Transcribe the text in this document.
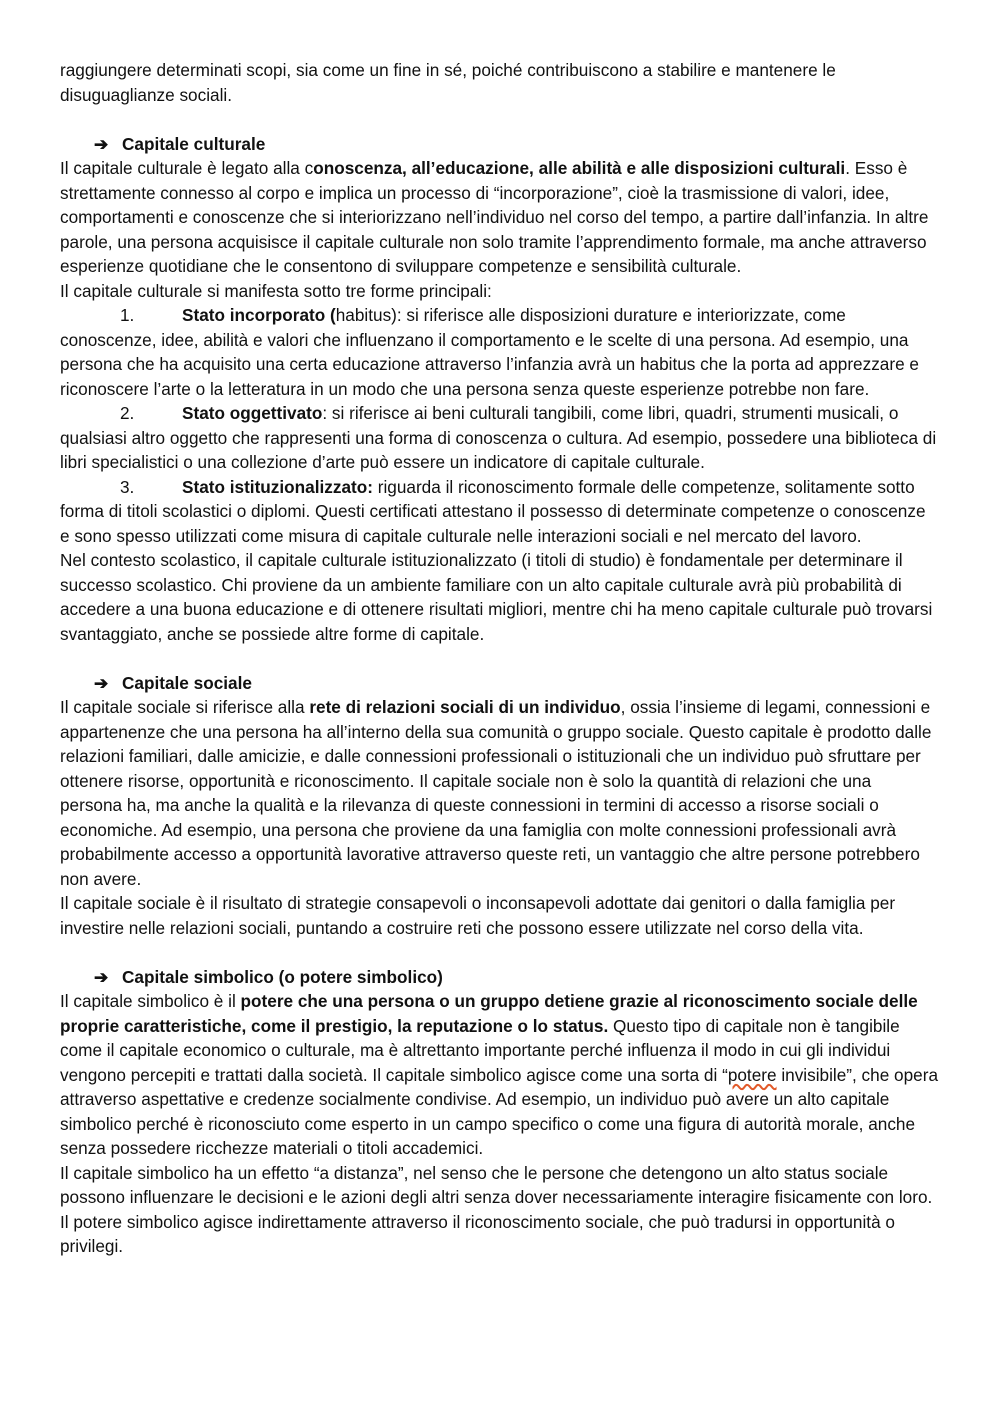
raggiungere determinati scopi, sia come un fine in sé, poiché contribuiscono a stabilire e mantenere le disuguaglianze sociali.

➔ Capitale culturale

Il capitale culturale è legato alla conoscenza, all’educazione, alle abilità e alle disposizioni culturali. Esso è strettamente connesso al corpo e implica un processo di “incorporazione”, cioè la trasmissione di valori, idee, comportamenti e conoscenze che si interiorizzano nell’individuo nel corso del tempo, a partire dall’infanzia. In altre parole, una persona acquisisce il capitale culturale non solo tramite l’apprendimento formale, ma anche attraverso esperienze quotidiane che le consentono di sviluppare competenze e sensibilità culturale.

Il capitale culturale si manifesta sotto tre forme principali:

1.	Stato incorporato (habitus): si riferisce alle disposizioni durature e interiorizzate, come conoscenze, idee, abilità e valori che influenzano il comportamento e le scelte di una persona. Ad esempio, una persona che ha acquisito una certa educazione attraverso l’infanzia avrà un habitus che la porta ad apprezzare e riconoscere l’arte o la letteratura in un modo che una persona senza queste esperienze potrebbe non fare.

2.	Stato oggettivato: si riferisce ai beni culturali tangibili, come libri, quadri, strumenti musicali, o qualsiasi altro oggetto che rappresenti una forma di conoscenza o cultura. Ad esempio, possedere una biblioteca di libri specialistici o una collezione d’arte può essere un indicatore di capitale culturale.

3.	Stato istituzionalizzato: riguarda il riconoscimento formale delle competenze, solitamente sotto forma di titoli scolastici o diplomi. Questi certificati attestano il possesso di determinate competenze o conoscenze e sono spesso utilizzati come misura di capitale culturale nelle interazioni sociali e nel mercato del lavoro.

Nel contesto scolastico, il capitale culturale istituzionalizzato (i titoli di studio) è fondamentale per determinare il successo scolastico. Chi proviene da un ambiente familiare con un alto capitale culturale avrà più probabilità di accedere a una buona educazione e di ottenere risultati migliori, mentre chi ha meno capitale culturale può trovarsi svantaggiato, anche se possiede altre forme di capitale.

➔ Capitale sociale

Il capitale sociale si riferisce alla rete di relazioni sociali di un individuo, ossia l’insieme di legami, connessioni e appartenenze che una persona ha all’interno della sua comunità o gruppo sociale. Questo capitale è prodotto dalle relazioni familiari, dalle amicizie, e dalle connessioni professionali o istituzionali che un individuo può sfruttare per ottenere risorse, opportunità e riconoscimento. Il capitale sociale non è solo la quantità di relazioni che una persona ha, ma anche la qualità e la rilevanza di queste connessioni in termini di accesso a risorse sociali o economiche. Ad esempio, una persona che proviene da una famiglia con molte connessioni professionali avrà probabilmente accesso a opportunità lavorative attraverso queste reti, un vantaggio che altre persone potrebbero non avere.

Il capitale sociale è il risultato di strategie consapevoli o inconsapevoli adottate dai genitori o dalla famiglia per investire nelle relazioni sociali, puntando a costruire reti che possono essere utilizzate nel corso della vita.

➔ Capitale simbolico (o potere simbolico)

Il capitale simbolico è il potere che una persona o un gruppo detiene grazie al riconoscimento sociale delle proprie caratteristiche, come il prestigio, la reputazione o lo status. Questo tipo di capitale non è tangibile come il capitale economico o culturale, ma è altrettanto importante perché influenza il modo in cui gli individui vengono percepiti e trattati dalla società. Il capitale simbolico agisce come una sorta di “potere invisibile”, che opera attraverso aspettative e credenze socialmente condivise. Ad esempio, un individuo può avere un alto capitale simbolico perché è riconosciuto come esperto in un campo specifico o come una figura di autorità morale, anche senza possedere ricchezze materiali o titoli accademici.

Il capitale simbolico ha un effetto “a distanza”, nel senso che le persone che detengono un alto status sociale possono influenzare le decisioni e le azioni degli altri senza dover necessariamente interagire fisicamente con loro. Il potere simbolico agisce indirettamente attraverso il riconoscimento sociale, che può tradursi in opportunità o privilegi.
